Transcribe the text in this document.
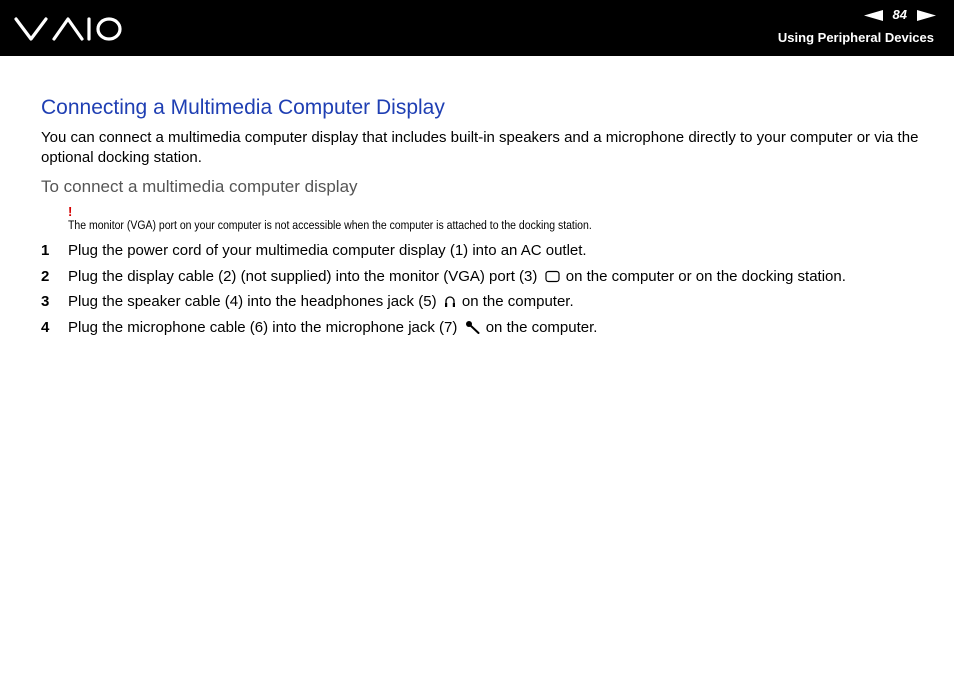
84
Using Peripheral Devices
Connecting a Multimedia Computer Display

You can connect a multimedia computer display that includes built-in speakers and a microphone directly to your computer or via the optional docking station.

To connect a multimedia computer display

!
The monitor (VGA) port on your computer is not accessible when the computer is attached to the docking station.
1 Plug the power cord of your multimedia computer display (1) into an AC outlet.
2 Plug the display cable (2) (not supplied) into the monitor (VGA) port (3) on the computer or on the docking station.
3 Plug the speaker cable (4) into the headphones jack (5) on the computer.
4 Plug the microphone cable (6) into the microphone jack (7) on the computer.
